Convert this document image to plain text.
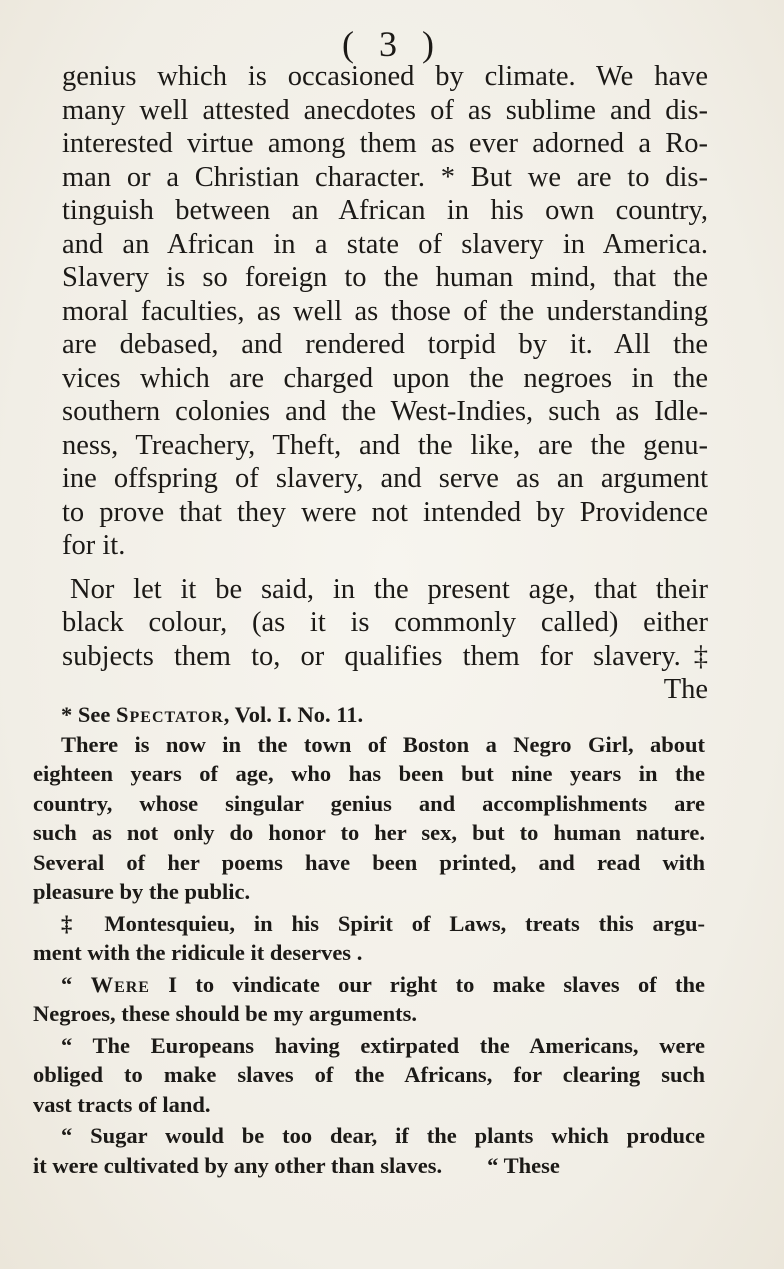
( 3 )
genius which is occasioned by climate. We have
many well attested anecdotes of as sublime and dis-
interested virtue among them as ever adorned a Ro-
man or a Christian character. * But we are to dis-
tinguish between an African in his own country,
and an African in a state of slavery in America.
Slavery is so foreign to the human mind, that the
moral faculties, as well as those of the understanding
are debased, and rendered torpid by it. All the
vices which are charged upon the negroes in the
southern colonies and the West-Indies, such as Idle-
ness, Treachery, Theft, and the like, are the genu-
ine offspring of slavery, and serve as an argument
to prove that they were not intended by Providence
for it.
Nor let it be said, in the present age, that their
black colour, (as it is commonly called) either
subjects them to, or qualifies them for slavery.‡
The
* See Spectator, Vol. I. No. 11.
There is now in the town of Boston a Negro Girl, about
eighteen years of age, who has been but nine years in the
country, whose singular genius and accomplishments are
such as not only do honor to her sex, but to human nature.
Several of her poems have been printed, and read with
pleasure by the public.
‡ Montesquieu, in his Spirit of Laws, treats this argu-
ment with the ridicule it deserves .
“ Were I to vindicate our right to make slaves of the
Negroes, these should be my arguments.
“ The Europeans having extirpated the Americans, were
obliged to make slaves of the Africans, for clearing such
vast tracts of land.
“ Sugar would be too dear, if the plants which produce
it were cultivated by any other than slaves.        “ These
